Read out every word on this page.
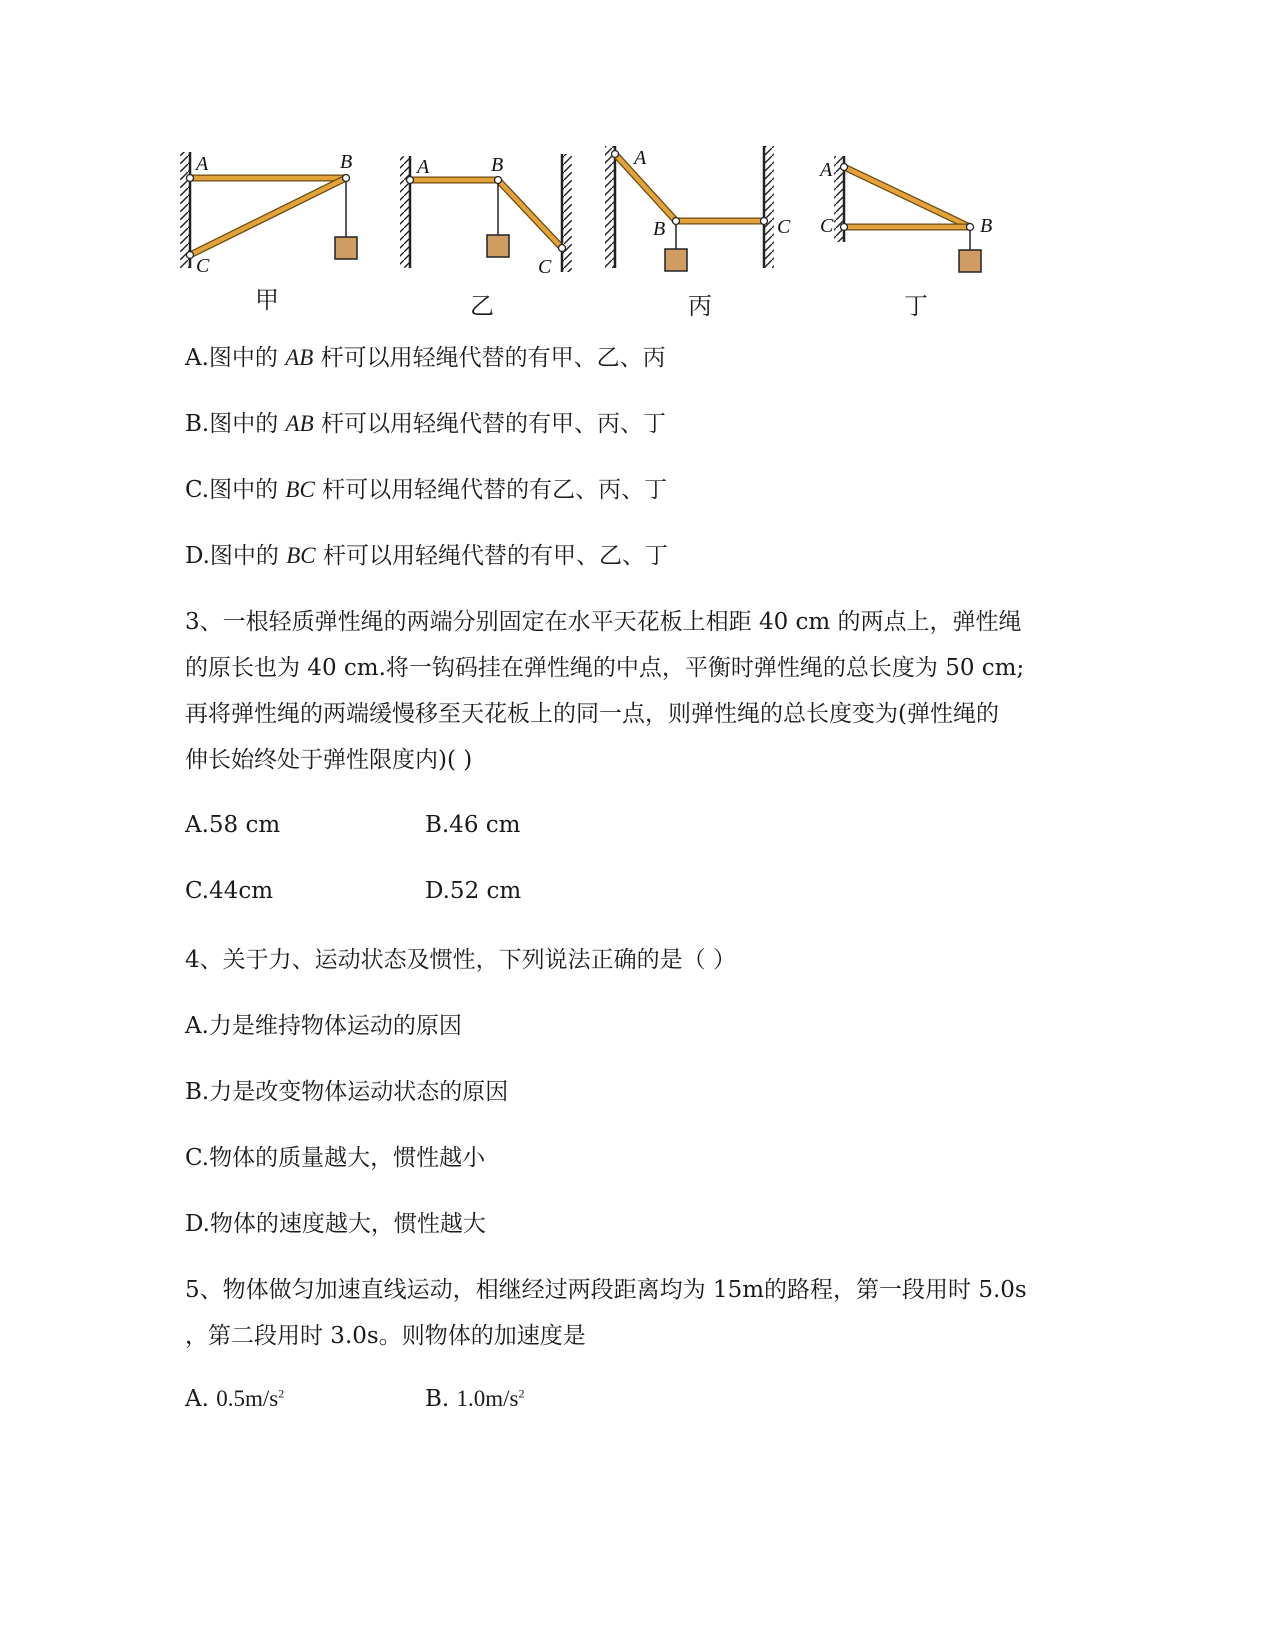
A	B
C
A	B
C
A
B	C
A
C	B
甲	乙	丙	丁
A.图中的 AB 杆可以用轻绳代替的有甲、乙、丙
B.图中的 AB 杆可以用轻绳代替的有甲、丙、丁
C.图中的 BC 杆可以用轻绳代替的有乙、丙、丁
D.图中的 BC 杆可以用轻绳代替的有甲、乙、丁
3、一根轻质弹性绳的两端分别固定在水平天花板上相距 40 cm 的两点上，弹性绳
的原长也为 40 cm.将一钩码挂在弹性绳的中点，平衡时弹性绳的总长度为 50 cm;
再将弹性绳的两端缓慢移至天花板上的同一点，则弹性绳的总长度变为(弹性绳的
伸长始终处于弹性限度内)( )
A.58 cm	B.46 cm
C.44cm	D.52 cm
4、关于力、运动状态及惯性，下列说法正确的是（ ）
A.力是维持物体运动的原因
B.力是改变物体运动状态的原因
C.物体的质量越大，惯性越小
D.物体的速度越大，惯性越大
5、物体做匀加速直线运动，相继经过两段距离均为 15m的路程，第一段用时 5.0s
，第二段用时 3.0s。则物体的加速度是
A. $0.5m/s^2$	B. $1.0m/s^2$
